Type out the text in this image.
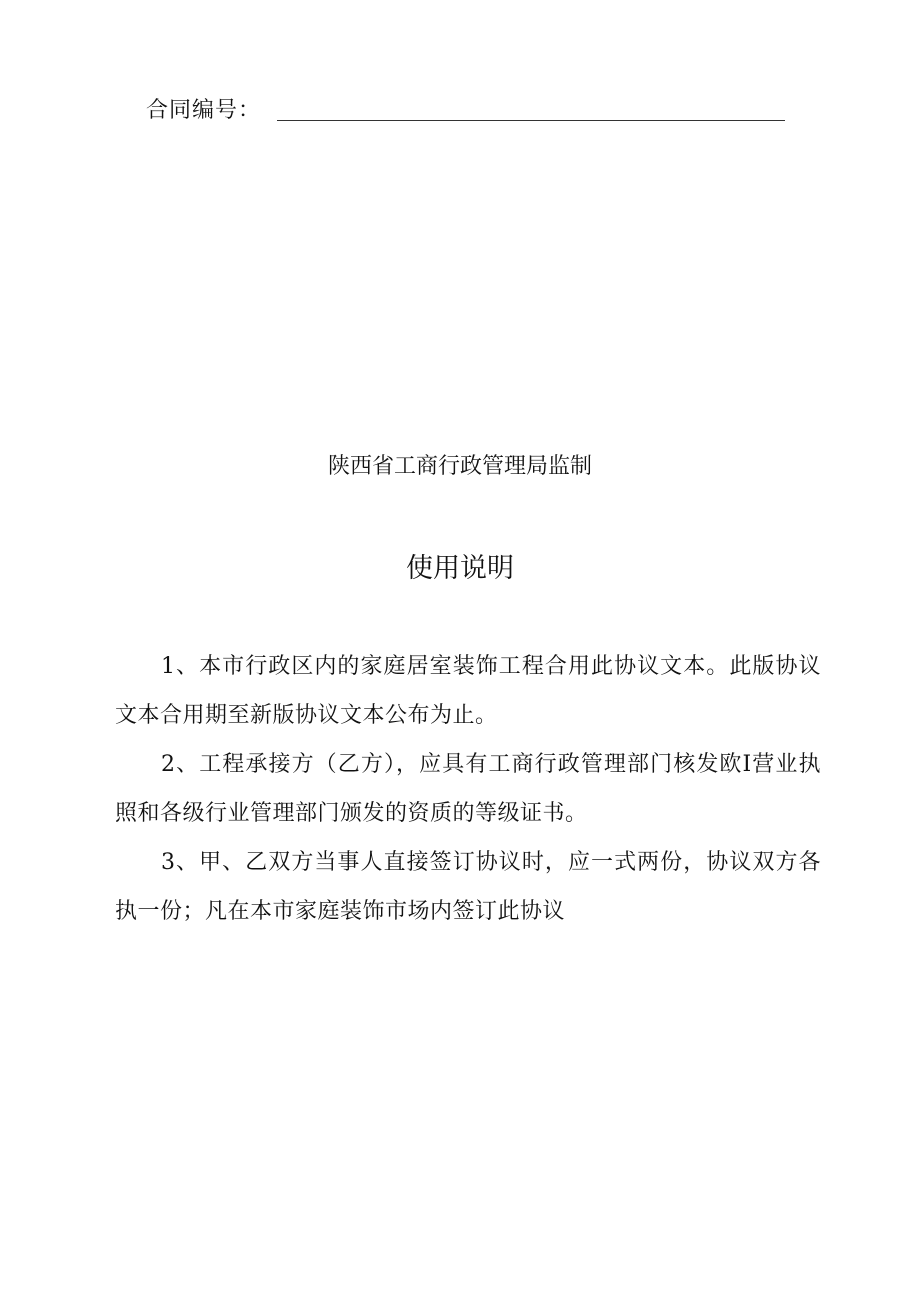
合同编号：
陕西省工商行政管理局监制
使用说明

1、本市行政区内的家庭居室装饰工程合用此协议文本。此版协议文本合用期至新版协议文本公布为止。

2、工程承接方（乙方），应具有工商行政管理部门核发欧I营业执照和各级行业管理部门颁发的资质的等级证书。

3、甲、乙双方当事人直接签订协议时，应一式两份，协议双方各执一份；凡在本市家庭装饰市场内签订此协议
